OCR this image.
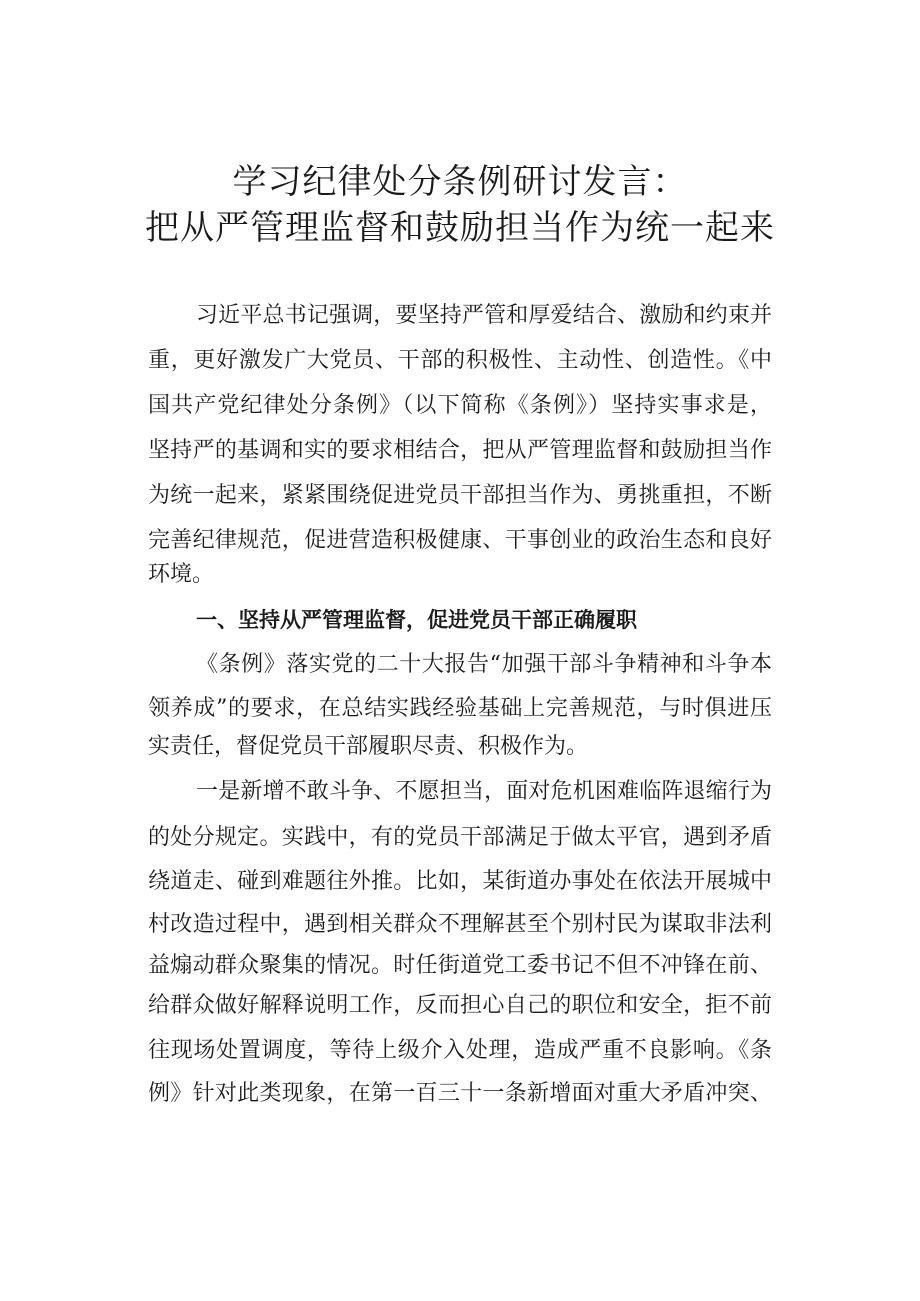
学习纪律处分条例研讨发言：
把从严管理监督和鼓励担当作为统一起来
习近平总书记强调，要坚持严管和厚爱结合、激励和约束并
重，更好激发广大党员、干部的积极性、主动性、创造性。《中
国共产党纪律处分条例》（以下简称《条例》）坚持实事求是，
坚持严的基调和实的要求相结合，把从严管理监督和鼓励担当作
为统一起来，紧紧围绕促进党员干部担当作为、勇挑重担，不断
完善纪律规范，促进营造积极健康、干事创业的政治生态和良好
环境。
一、坚持从严管理监督，促进党员干部正确履职
《条例》落实党的二十大报告“加强干部斗争精神和斗争本
领养成”的要求，在总结实践经验基础上完善规范，与时俱进压
实责任，督促党员干部履职尽责、积极作为。
一是新增不敢斗争、不愿担当，面对危机困难临阵退缩行为
的处分规定。实践中，有的党员干部满足于做太平官，遇到矛盾
绕道走、碰到难题往外推。比如，某街道办事处在依法开展城中
村改造过程中，遇到相关群众不理解甚至个别村民为谋取非法利
益煽动群众聚集的情况。时任街道党工委书记不但不冲锋在前、
给群众做好解释说明工作，反而担心自己的职位和安全，拒不前
往现场处置调度，等待上级介入处理，造成严重不良影响。《条
例》针对此类现象，在第一百三十一条新增面对重大矛盾冲突、
